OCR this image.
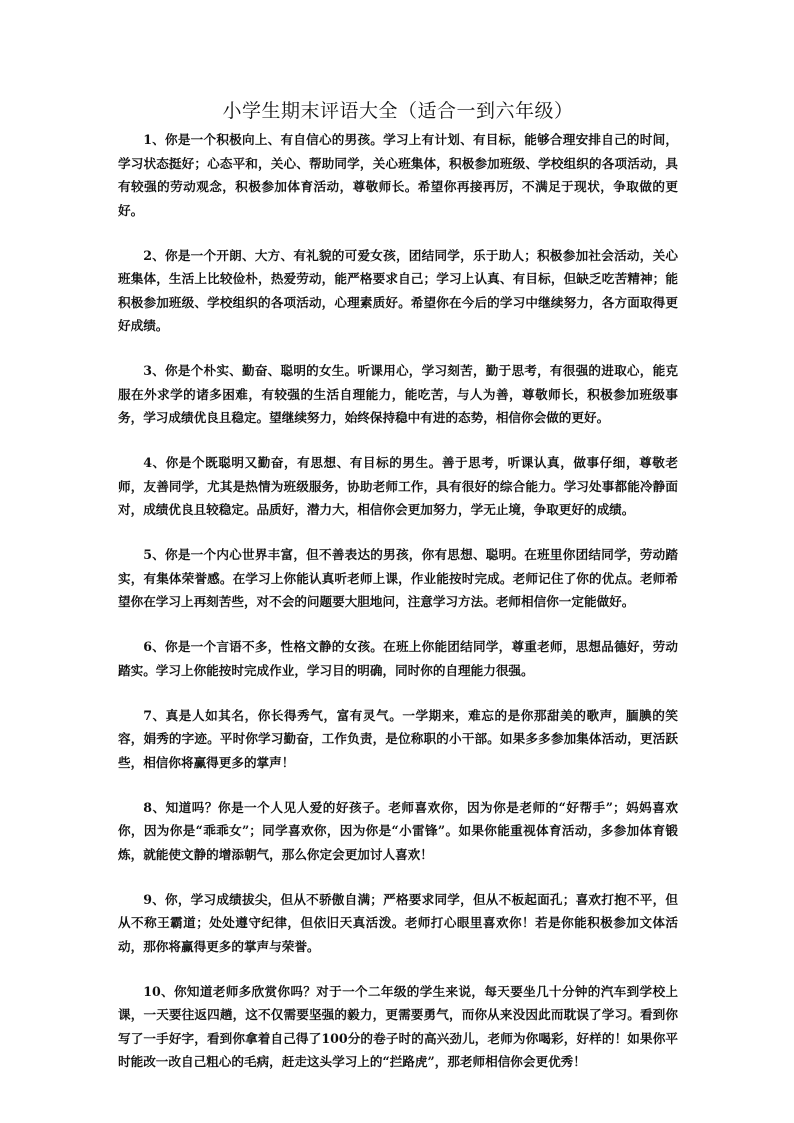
小学生期末评语大全（适合一到六年级）

1、你是一个积极向上、有自信心的男孩。学习上有计划、有目标，能够合理安排自己的时间，学习状态挺好；心态平和，关心、帮助同学，关心班集体，积极参加班级、学校组织的各项活动，具有较强的劳动观念，积极参加体育活动，尊敬师长。希望你再接再厉，不满足于现状，争取做的更好。

2、你是一个开朗、大方、有礼貌的可爱女孩，团结同学，乐于助人；积极参加社会活动，关心班集体，生活上比较俭朴，热爱劳动，能严格要求自己；学习上认真、有目标，但缺乏吃苦精神；能积极参加班级、学校组织的各项活动，心理素质好。希望你在今后的学习中继续努力，各方面取得更好成绩。

3、你是个朴实、勤奋、聪明的女生。听课用心，学习刻苦，勤于思考，有很强的进取心，能克服在外求学的诸多困难，有较强的生活自理能力，能吃苦，与人为善，尊敬师长，积极参加班级事务，学习成绩优良且稳定。望继续努力，始终保持稳中有进的态势，相信你会做的更好。

4、你是个既聪明又勤奋，有思想、有目标的男生。善于思考，听课认真，做事仔细，尊敬老师，友善同学，尤其是热情为班级服务，协助老师工作，具有很好的综合能力。学习处事都能冷静面对，成绩优良且较稳定。品质好，潜力大，相信你会更加努力，学无止境，争取更好的成绩。

5、你是一个内心世界丰富，但不善表达的男孩，你有思想、聪明。在班里你团结同学，劳动踏实，有集体荣誉感。在学习上你能认真听老师上课，作业能按时完成。老师记住了你的优点。老师希望你在学习上再刻苦些，对不会的问题要大胆地问，注意学习方法。老师相信你一定能做好。

6、你是一个言语不多，性格文静的女孩。在班上你能团结同学，尊重老师，思想品德好，劳动踏实。学习上你能按时完成作业，学习目的明确，同时你的自理能力很强。

7、真是人如其名，你长得秀气，富有灵气。一学期来，难忘的是你那甜美的歌声，腼腆的笑容，娟秀的字迹。平时你学习勤奋，工作负责，是位称职的小干部。如果多多参加集体活动，更活跃些，相信你将赢得更多的掌声！

8、知道吗？你是一个人见人爱的好孩子。老师喜欢你，因为你是老师的“好帮手”；妈妈喜欢你，因为你是“乖乖女”；同学喜欢你，因为你是“小雷锋”。如果你能重视体育活动，多参加体育锻炼，就能使文静的增添朝气，那么你定会更加讨人喜欢！

9、你，学习成绩拔尖，但从不骄傲自满；严格要求同学，但从不板起面孔；喜欢打抱不平，但从不称王霸道；处处遵守纪律，但依旧天真活泼。老师打心眼里喜欢你！若是你能积极参加文体活动，那你将赢得更多的掌声与荣誉。

10、你知道老师多欣赏你吗？对于一个二年级的学生来说，每天要坐几十分钟的汽车到学校上课，一天要往返四趟，这不仅需要坚强的毅力，更需要勇气，而你从来没因此而耽误了学习。看到你写了一手好字，看到你拿着自己得了100分的卷子时的高兴劲儿，老师为你喝彩，好样的！如果你平时能改一改自己粗心的毛病，赶走这头学习上的“拦路虎”，那老师相信你会更优秀！
